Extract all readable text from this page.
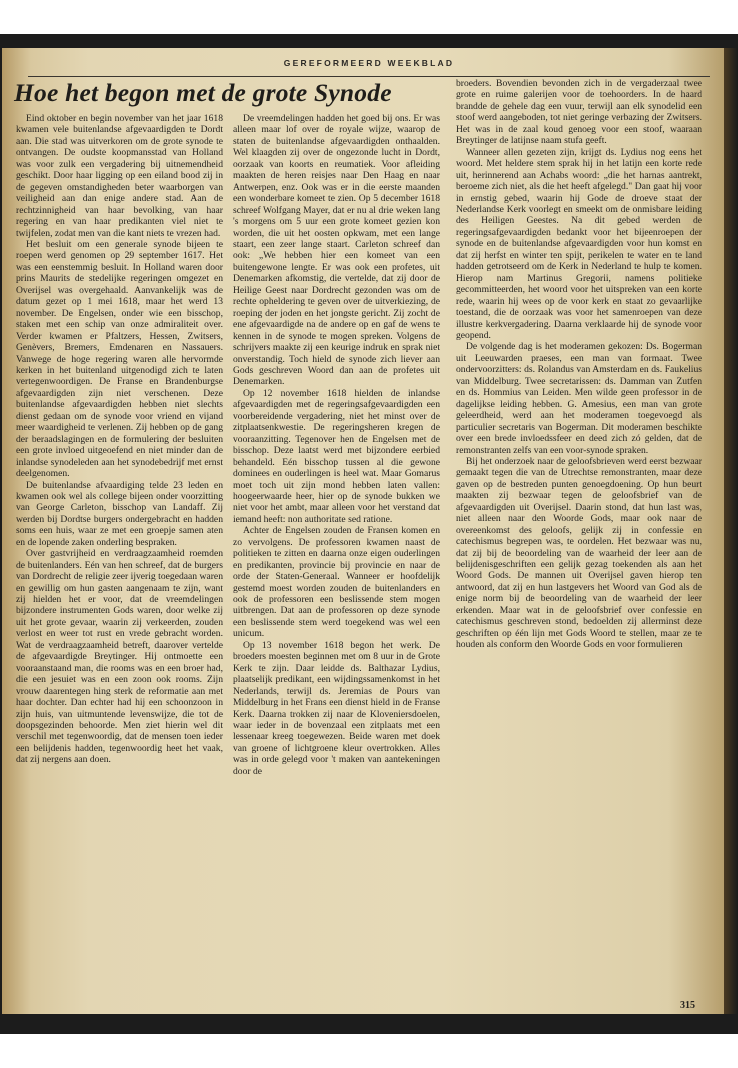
GEREFORMEERD WEEKBLAD
Hoe het begon met de grote Synode

Eind oktober en begin november van het jaar 1618 kwamen vele buitenlandse afgevaardigden te Dordt aan. Die stad was uitverkoren om de grote synode te ontvangen. De oudste koopmansstad van Holland was voor zulk een vergadering bij uitnemendheid geschikt. Door haar ligging op een eiland bood zij in de gegeven omstandigheden beter waarborgen van veiligheid aan dan enige andere stad. Aan de rechtzinnigheid van haar bevolking, van haar regering en van haar predikanten viel niet te twijfelen, zodat men van die kant niets te vrezen had.

Het besluit om een generale synode bijeen te roepen werd genomen op 29 september 1617. Het was een eenstemmig besluit. In Holland waren door prins Maurits de stedelijke regeringen omgezet en Overijsel was overgehaald. Aanvankelijk was de datum gezet op 1 mei 1618, maar het werd 13 november. De Engelsen, onder wie een bisschop, staken met een schip van onze admiraliteit over. Verder kwamen er Pfaltzers, Hessen, Zwitsers, Genèvers, Bremers, Emdenaren en Nassauers. Vanwege de hoge regering waren alle hervormde kerken in het buitenland uitgenodigd zich te laten vertegenwoordigen. De Franse en Brandenburgse afgevaardigden zijn niet verschenen. Deze buitenlandse afgevaardigden hebben niet slechts dienst gedaan om de synode voor vriend en vijand meer waardigheid te verlenen. Zij hebben op de gang der beraadslagingen en de formulering der besluiten een grote invloed uitgeoefend en niet minder dan de inlandse synodeleden aan het synodebedrijf met ernst deelgenomen.

De buitenlandse afvaardiging telde 23 leden en kwamen ook wel als college bijeen onder voorzitting van George Carleton, bisschop van Landaff. Zij werden bij Dordtse burgers ondergebracht en hadden soms een huis, waar ze met een groepje samen aten en de lopende zaken onderling bespraken.

Over gastvrijheid en verdraagzaamheid roemden de buitenlanders. Eén van hen schreef, dat de burgers van Dordrecht de religie zeer ijverig toegedaan waren en gewillig om hun gasten aangenaam te zijn, want zij hielden het er voor, dat de vreemdelingen bijzondere instrumenten Gods waren, door welke zij uit het grote gevaar, waarin zij verkeerden, zouden verlost en weer tot rust en vrede gebracht worden. Wat de verdraagzaamheid betreft, daarover vertelde de afgevaardigde Breytinger. Hij ontmoette een vooraanstaand man, die rooms was en een broer had, die een jesuiet was en een zoon ook rooms. Zijn vrouw daarentegen hing sterk de reformatie aan met haar dochter. Dan echter had hij een schoonzoon in zijn huis, van uitmuntende levenswijze, die tot de doopsgezinden behoorde. Men ziet hierin wel dit verschil met tegenwoordig, dat de mensen toen ieder een belijdenis hadden, tegenwoordig heet het vaak, dat zij nergens aan doen.

De vreemdelingen hadden het goed bij ons. Er was alleen maar lof over de royale wijze, waarop de staten de buitenlandse afgevaardigden onthaalden. Wel klaagden zij over de ongezonde lucht in Dordt, oorzaak van koorts en reumatiek. Voor afleiding maakten de heren reisjes naar Den Haag en naar Antwerpen, enz. Ook was er in die eerste maanden een wonderbare komeet te zien. Op 5 december 1618 schreef Wolfgang Mayer, dat er nu al drie weken lang 's morgens om 5 uur een grote komeet gezien kon worden, die uit het oosten opkwam, met een lange staart, een zeer lange staart. Carleton schreef dan ook: „We hebben hier een komeet van een buitengewone lengte. Er was ook een profetes, uit Denemarken afkomstig, die vertelde, dat zij door de Heilige Geest naar Dordrecht gezonden was om de rechte opheldering te geven over de uitverkiezing, de roeping der joden en het jongste gericht. Zij zocht de ene afgevaardigde na de andere op en gaf de wens te kennen in de synode te mogen spreken. Volgens de schrijvers maakte zij een keurige indruk en sprak niet onverstandig. Toch hield de synode zich liever aan Gods geschreven Woord dan aan de profetes uit Denemarken.

Op 12 november 1618 hielden de inlandse afgevaardigden met de regeringsafgevaardigden een voorbereidende vergadering, niet het minst over de zitplaatsenkwestie. De regeringsheren kregen de vooraanzitting. Tegenover hen de Engelsen met de bisschop. Deze laatst werd met bijzondere eerbied behandeld. Eén bisschop tussen al die gewone dominees en ouderlingen is heel wat. Maar Gomarus moet toch uit zijn mond hebben laten vallen: hoogeerwaarde heer, hier op de synode bukken we niet voor het ambt, maar alleen voor het verstand dat iemand heeft: non authoritate sed ratione.

Achter de Engelsen zouden de Fransen komen en zo vervolgens. De professoren kwamen naast de politieken te zitten en daarna onze eigen ouderlingen en predikanten, provincie bij provincie en naar de orde der Staten-Generaal. Wanneer er hoofdelijk gestemd moest worden zouden de buitenlanders en ook de professoren een beslissende stem mogen uitbrengen. Dat aan de professoren op deze synode een beslissende stem werd toegekend was wel een unicum.

Op 13 november 1618 begon het werk. De broeders moesten beginnen met om 8 uur in de Grote Kerk te zijn. Daar leidde ds. Balthazar Lydius, plaatselijk predikant, een wijdingssamenkomst in het Nederlands, terwijl ds. Jeremias de Pours van Middelburg in het Frans een dienst hield in de Franse Kerk. Daarna trokken zij naar de Kloveniersdoelen, waar ieder in de bovenzaal een zitplaats met een lessenaar kreeg toegewezen. Beide waren met doek van groene of lichtgroene kleur overtrokken. Alles was in orde gelegd voor 't maken van aantekeningen door de

broeders. Bovendien bevonden zich in de vergaderzaal twee grote en ruime galerijen voor de toehoorders. In de haard brandde de gehele dag een vuur, terwijl aan elk synodelid een stoof werd aangeboden, tot niet geringe verbazing der Zwitsers. Het was in de zaal koud genoeg voor een stoof, waaraan Breytinger de latijnse naam stufa geeft.

Wanneer allen gezeten zijn, krijgt ds. Lydius nog eens het woord. Met heldere stem sprak hij in het latijn een korte rede uit, herinnerend aan Achabs woord: „die het harnas aantrekt, beroeme zich niet, als die het heeft afgelegd." Dan gaat hij voor in ernstig gebed, waarin hij Gode de droeve staat der Nederlandse Kerk voorlegt en smeekt om de onmisbare leiding des Heiligen Geestes. Na dit gebed werden de regeringsafgevaardigden bedankt voor het bijeenroepen der synode en de buitenlandse afgevaardigden voor hun komst en dat zij herfst en winter ten spijt, perikelen te water en te land hadden getrotseerd om de Kerk in Nederland te hulp te komen. Hierop nam Martinus Gregorii, namens politieke gecommitteerden, het woord voor het uitspreken van een korte rede, waarin hij wees op de voor kerk en staat zo gevaarlijke toestand, die de oorzaak was voor het samenroepen van deze illustre kerkvergadering. Daarna verklaarde hij de synode voor geopend.

De volgende dag is het moderamen gekozen: Ds. Bogerman uit Leeuwarden praeses, een man van formaat. Twee ondervoorzitters: ds. Rolandus van Amsterdam en ds. Faukelius van Middelburg. Twee secretarissen: ds. Damman van Zutfen en ds. Hommius van Leiden. Men wilde geen professor in de dagelijkse leiding hebben. G. Amesius, een man van grote geleerdheid, werd aan het moderamen toegevoegd als particulier secretaris van Bogerman. Dit moderamen beschikte over een brede invloedssfeer en deed zich zó gelden, dat de remonstranten zelfs van een voor-synode spraken.

Bij het onderzoek naar de geloofsbrieven werd eerst bezwaar gemaakt tegen die van de Utrechtse remonstranten, maar deze gaven op de bestreden punten genoegdoening. Op hun beurt maakten zij bezwaar tegen de geloofsbrief van de afgevaardigden uit Overijsel. Daarin stond, dat hun last was, niet alleen naar den Woorde Gods, maar ook naar de overeenkomst des geloofs, gelijk zij in confessie en catechismus begrepen was, te oordelen. Het bezwaar was nu, dat zij bij de beoordeling van de waarheid der leer aan de belijdenisgeschriften een gelijk gezag toekenden als aan het Woord Gods. De mannen uit Overijsel gaven hierop ten antwoord, dat zij en hun lastgevers het Woord van God als de enige norm bij de beoordeling van de waarheid der leer erkenden. Maar wat in de geloofsbrief over confessie en catechismus geschreven stond, bedoelden zij allerminst deze geschriften op één lijn met Gods Woord te stellen, maar ze te houden als conform den Woorde Gods en voor formulieren

315
